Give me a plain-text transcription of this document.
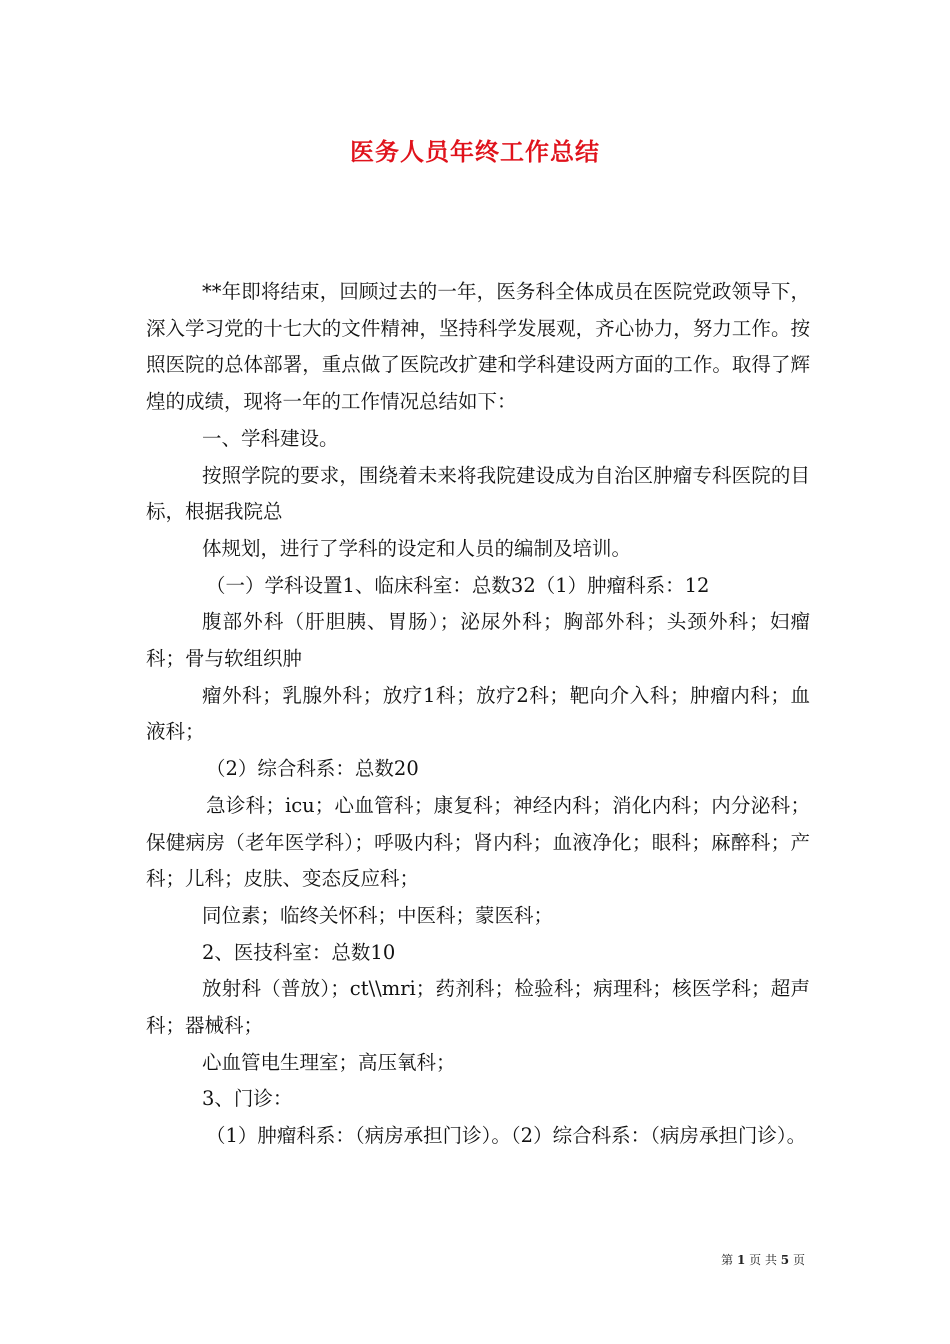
医务人员年终工作总结

**年即将结束，回顾过去的一年，医务科全体成员在医院党政领导下，深入学习党的十七大的文件精神，坚持科学发展观，齐心协力，努力工作。按照医院的总体部署，重点做了医院改扩建和学科建设两方面的工作。取得了辉煌的成绩，现将一年的工作情况总结如下：

一、学科建设。

按照学院的要求，围绕着未来将我院建设成为自治区肿瘤专科医院的目标，根据我院总

体规划，进行了学科的设定和人员的编制及培训。

（一）学科设置1、临床科室：总数32（1）肿瘤科系：12

腹部外科（肝胆胰、胃肠）；泌尿外科；胸部外科；头颈外科；妇瘤科；骨与软组织肿

瘤外科；乳腺外科；放疗1科；放疗2科；靶向介入科；肿瘤内科；血液科；

（2）综合科系：总数20

急诊科；icu；心血管科；康复科；神经内科；消化内科；内分泌科；保健病房（老年医学科）；呼吸内科；肾内科；血液净化；眼科；麻醉科；产科；儿科；皮肤、变态反应科；

同位素；临终关怀科；中医科；蒙医科；

2、医技科室：总数10

放射科（普放）；ct\\mri；药剂科；检验科；病理科；核医学科；超声科；器械科；

心血管电生理室；高压氧科；

3、门诊：

（1）肿瘤科系：（病房承担门诊）。（2）综合科系：（病房承担门诊）。

第 1 页 共 5 页
